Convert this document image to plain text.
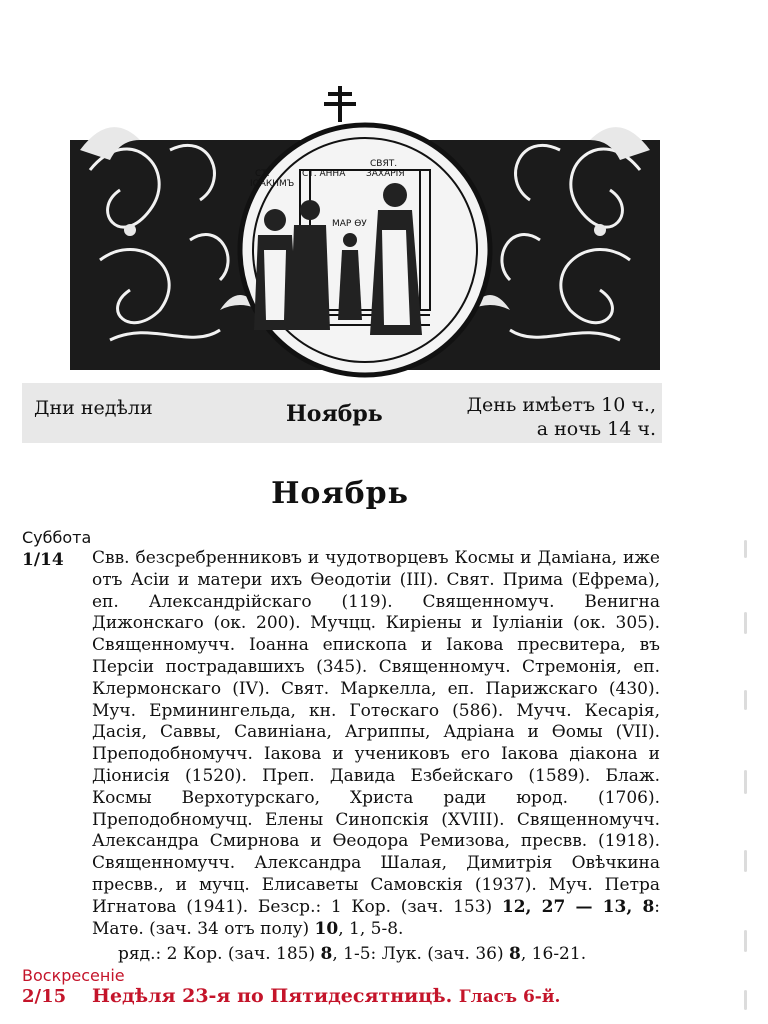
СТ.
ІОАКИМЪ
СТ. АННА
СВЯТ.
ЗАХАРІЯ
МАР ѲУ
Дни недѣли	Ноябрь	День имѣетъ 10 ч.,
а ночь 14 ч.
Ноябрь
Суббота
1/14 Свв. безсребренниковъ и чудотворцевъ Космы и Даміана, иже отъ Асіи и матери ихъ Ѳеодотіи (III). Свят. Прима (Ефрема), еп. Александрійскаго (119). Священномуч. Венигна Дижонскаго (ок. 200). Мучцц. Киріены и Іуліаніи (ок. 305). Священномучч. Іоанна епископа и Іакова пресвитера, въ Персіи пострадавшихъ (345). Священномуч. Стремонія, еп. Клермонскаго (IV). Свят. Маркелла, еп. Парижскаго (430). Муч. Ерминингельда, кн. Готѳскаго (586). Мучч. Кесарія, Дасія, Саввы, Савиніана, Агриппы, Адріана и Ѳомы (VII). Преподобномучч. Іакова и учениковъ его Іакова діакона и Діонисія (1520). Преп. Давида Езбейскаго (1589). Блаж. Космы Верхотурскаго, Христа ради юрод. (1706). Преподобномучц. Елены Синопскія (XVIII). Священномучч. Александра Смирнова и Ѳеодора Ремизова, пресвв. (1918). Священномучч. Александра Шалая, Димитрія Овѣчкина пресвв., и мучц. Елисаветы Самовскія (1937). Муч. Петра Игнатова (1941). Безср.: 1 Кор. (зач. 153) 12, 27 — 13, 8: Матѳ. (зач. 34 отъ полу) 10, 1, 5-8.
ряд.: 2 Кор. (зач. 185) 8, 1-5: Лук. (зач. 36) 8, 16-21.
Воскресеніе
2/15 Недѣля 23-я по Пятидесятницѣ. Гласъ 6-й.
